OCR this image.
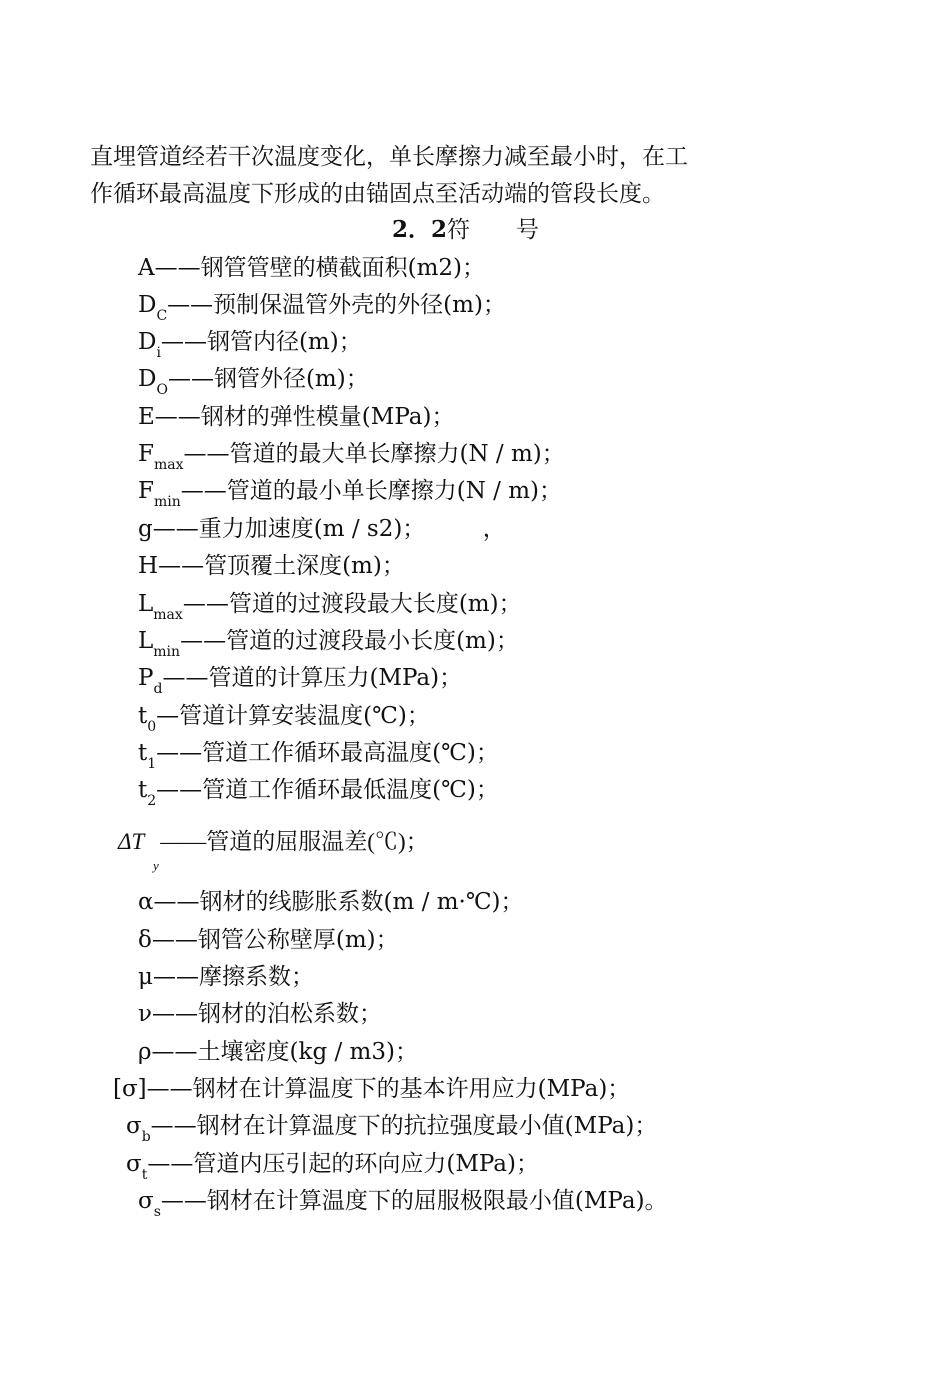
直埋管道经若干次温度变化，单长摩擦力减至最小时，在工
作循环最高温度下形成的由锚固点至活动端的管段长度。
2．2符　　号
A——钢管管壁的横截面积(m2)；
$D_C——$预制保温管外壳的外径(m)；
$D_i——$钢管内径(m)；
$D_O——$钢管外径(m)；
E——钢材的弹性模量(MPa)；
$F_{max}——$管道的最大单长摩擦力(N / m)；
$F_{min}——$管道的最小单长摩擦力(N / m)；
g——重力加速度(m / s2)；　　　，
H——管顶覆土深度(m)；
$L_{max}——$管道的过渡段最大长度(m)；
$L_{min}——$管道的过渡段最小长度(m)；
$P_d——$管道的计算压力(MPa)；
$t_0—$管道计算安装温度(℃)；
$t_1——$管道工作循环最高温度(℃)；
$t_2——$管道工作循环最低温度(℃)；
ΔT
y
——管道的屈服温差(℃)；
α——钢材的线膨胀系数(m / m·℃)；
δ——钢管公称壁厚(m)；
μ——摩擦系数；
ν——钢材的泊松系数；
ρ——土壤密度(kg / m3)；
[σ]——钢材在计算温度下的基本许用应力(MPa)；
$\sigma_b——$钢材在计算温度下的抗拉强度最小值(MPa)；
$\sigma_t——$管道内压引起的环向应力(MPa)；
$\sigma_s——$钢材在计算温度下的屈服极限最小值(MPa)。
